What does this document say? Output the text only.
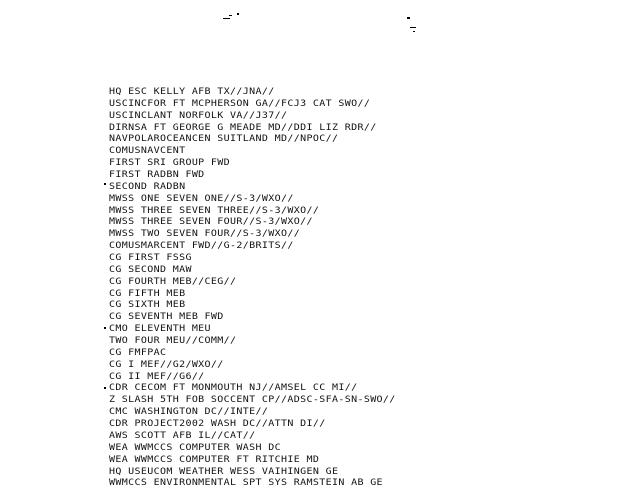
HQ ESC KELLY AFB TX//JNA//
USCINCFOR FT MCPHERSON GA//FCJ3 CAT SWO//
USCINCLANT NORFOLK VA//J37//
DIRNSA FT GEORGE G MEADE MD//DDI LIZ RDR//
NAVPOLAROCEANCEN SUITLAND MD//NPOC//
COMUSNAVCENT
FIRST SRI GROUP FWD
FIRST RADBN FWD
SECOND RADBN
MWSS ONE SEVEN ONE//S-3/WXO//
MWSS THREE SEVEN THREE//S-3/WXO//
MWSS THREE SEVEN FOUR//S-3/WXO//
MWSS TWO SEVEN FOUR//S-3/WXO//
COMUSMARCENT FWD//G-2/BRITS//
CG FIRST FSSG
CG SECOND MAW
CG FOURTH MEB//CEG//
CG FIFTH MEB
CG SIXTH MEB
CG SEVENTH MEB FWD
CMO ELEVENTH MEU
TWO FOUR MEU//COMM//
CG FMFPAC
CG I MEF//G2/WXO//
CG II MEF//G6//
CDR CECOM FT MONMOUTH NJ//AMSEL CC MI//
Z SLASH 5TH FOB SOCCENT CP//ADSC-SFA-SN-SWO//
CMC WASHINGTON DC//INTE//
CDR PROJECT2002 WASH DC//ATTN DI//
AWS SCOTT AFB IL//CAT//
WEA WWMCCS COMPUTER WASH DC
WEA WWMCCS COMPUTER FT RITCHIE MD
HQ USEUCOM WEATHER WESS VAIHINGEN GE
WWMCCS ENVIRONMENTAL SPT SYS RAMSTEIN AB GE
